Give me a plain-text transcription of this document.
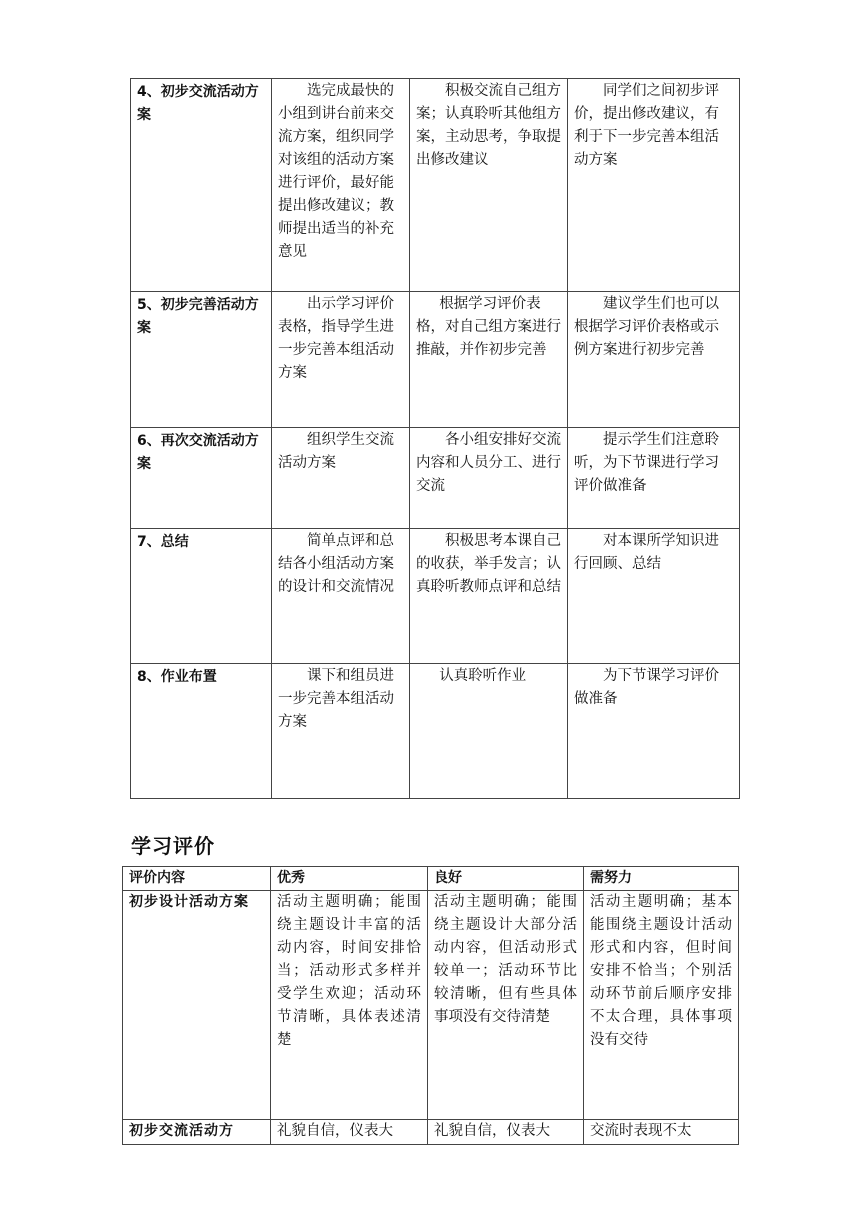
4、初步交流活动方案	选完成最快的小组到讲台前来交流方案，组织同学对该组的活动方案进行评价，最好能提出修改建议；教师提出适当的补充意见	积极交流自己组方案；认真聆听其他组方案，主动思考，争取提出修改建议	同学们之间初步评价，提出修改建议，有利于下一步完善本组活动方案
5、初步完善活动方案	出示学习评价表格，指导学生进一步完善本组活动方案	根据学习评价表格，对自己组方案进行推敲，并作初步完善	建议学生们也可以根据学习评价表格或示例方案进行初步完善
6、再次交流活动方案	组织学生交流活动方案	各小组安排好交流内容和人员分工、进行交流	提示学生们注意聆听，为下节课进行学习评价做准备
7、总结	简单点评和总结各小组活动方案的设计和交流情况	积极思考本课自己的收获，举手发言；认真聆听教师点评和总结	对本课所学知识进行回顾、总结
8、作业布置	课下和组员进一步完善本组活动方案	认真聆听作业	为下节课学习评价做准备
学习评价
评价内容	优秀	良好	需努力
初步设计活动方案	活动主题明确；能围绕主题设计丰富的活动内容，时间安排恰当；活动形式多样并受学生欢迎；活动环节清晰，具体表述清楚	活动主题明确；能围绕主题设计大部分活动内容，但活动形式较单一；活动环节比较清晰，但有些具体事项没有交待清楚	活动主题明确；基本能围绕主题设计活动形式和内容，但时间安排不恰当；个别活动环节前后顺序安排不太合理，具体事项没有交待
初步交流活动方	礼貌自信，仪表大	礼貌自信，仪表大	交流时表现不太
